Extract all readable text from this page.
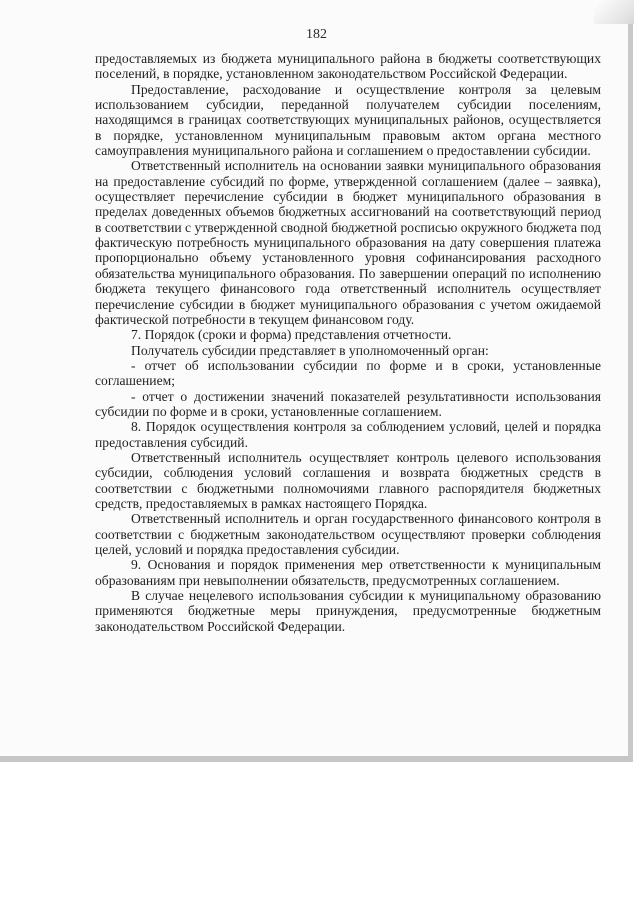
182

предоставляемых из бюджета муниципального района в бюджеты соответствующих поселений, в порядке, установленном законодательством Российской Федерации.

Предоставление, расходование и осуществление контроля за целевым использованием субсидии, переданной получателем субсидии поселениям, находящимся в границах соответствующих муниципальных районов, осуществляется в порядке, установленном муниципальным правовым актом органа местного самоуправления муниципального района и соглашением о предоставлении субсидии.

Ответственный исполнитель на основании заявки муниципального образования на предоставление субсидий по форме, утвержденной соглашением (далее – заявка), осуществляет перечисление субсидии в бюджет муниципального образования в пределах доведенных объемов бюджетных ассигнований на соответствующий период в соответствии с утвержденной сводной бюджетной росписью окружного бюджета под фактическую потребность муниципального образования на дату совершения платежа пропорционально объему установленного уровня софинансирования расходного обязательства муниципального образования. По завершении операций по исполнению бюджета текущего финансового года ответственный исполнитель осуществляет перечисление субсидии в бюджет муниципального образования с учетом ожидаемой фактической потребности в текущем финансовом году.

7. Порядок (сроки и форма) представления отчетности.

Получатель субсидии представляет в уполномоченный орган:

- отчет об использовании субсидии по форме и в сроки, установленные соглашением;

- отчет о достижении значений показателей результативности использования субсидии по форме и в сроки, установленные соглашением.

8. Порядок осуществления контроля за соблюдением условий, целей и порядка предоставления субсидий.

Ответственный исполнитель осуществляет контроль целевого использования субсидии, соблюдения условий соглашения и возврата бюджетных средств в соответствии с бюджетными полномочиями главного распорядителя бюджетных средств, предоставляемых в рамках настоящего Порядка.

Ответственный исполнитель и орган государственного финансового контроля в соответствии с бюджетным законодательством осуществляют проверки соблюдения целей, условий и порядка предоставления субсидии.

9. Основания и порядок применения мер ответственности к муниципальным образованиям при невыполнении обязательств, предусмотренных соглашением.

В случае нецелевого использования субсидии к муниципальному образованию применяются бюджетные меры принуждения, предусмотренные бюджетным законодательством Российской Федерации.
